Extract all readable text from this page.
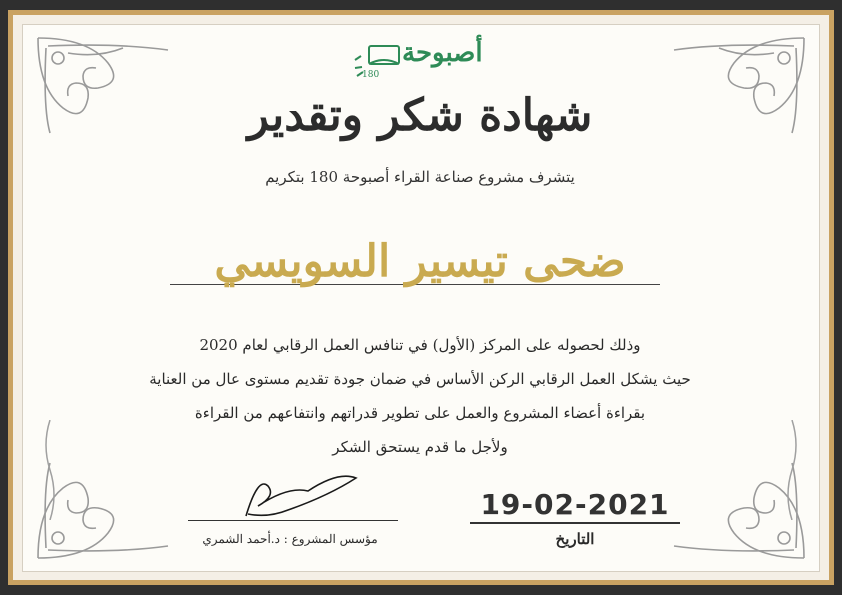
أصبوحة
180
شهادة شكر وتقدير
يتشرف مشروع صناعة القراء أصبوحة 180 بتكريم
ضحى تيسير السويسي
وذلك لحصوله على المركز (الأول) في تنافس العمل الرقابي لعام 2020
حيث يشكل العمل الرقابي الركن الأساس في ضمان جودة تقديم مستوى عال من العناية
بقراءة أعضاء المشروع والعمل على تطوير قدراتهم وانتفاعهم من القراءة
ولأجل ما قدم يستحق الشكر
مؤسس المشروع : د.أحمد الشمري
19-02-2021
التاريخ
